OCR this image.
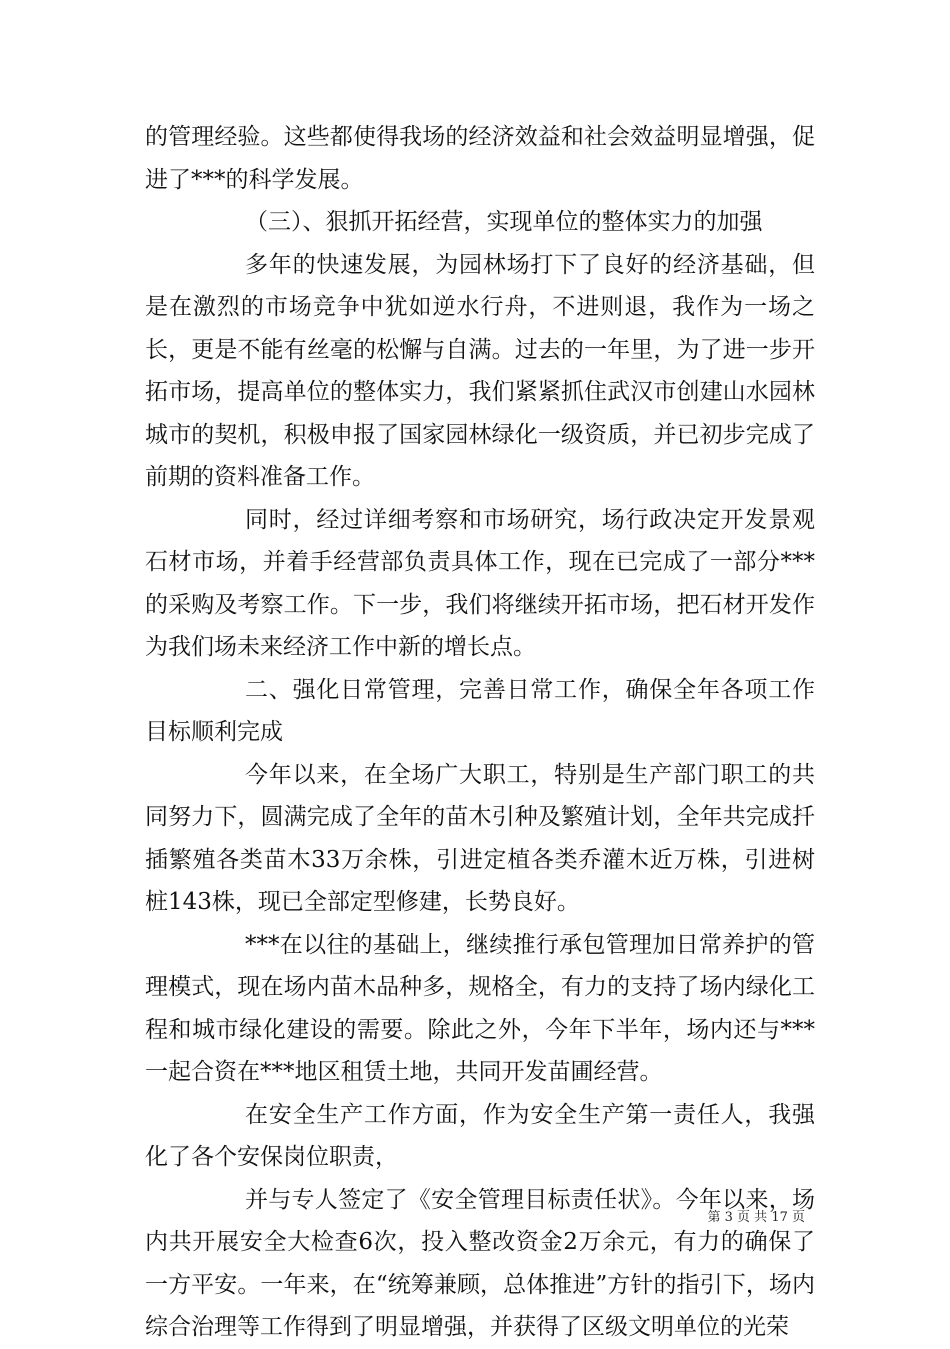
的管理经验。这些都使得我场的经济效益和社会效益明显增强，促进了***的科学发展。

（三）、狠抓开拓经营，实现单位的整体实力的加强

多年的快速发展，为园林场打下了良好的经济基础，但是在激烈的市场竞争中犹如逆水行舟，不进则退，我作为一场之长，更是不能有丝毫的松懈与自满。过去的一年里，为了进一步开拓市场，提高单位的整体实力，我们紧紧抓住武汉市创建山水园林城市的契机，积极申报了国家园林绿化一级资质，并已初步完成了前期的资料准备工作。

同时，经过详细考察和市场研究，场行政决定开发景观石材市场，并着手经营部负责具体工作，现在已完成了一部分***的采购及考察工作。下一步，我们将继续开拓市场，把石材开发作为我们场未来经济工作中新的增长点。

二、强化日常管理，完善日常工作，确保全年各项工作目标顺利完成

今年以来，在全场广大职工，特别是生产部门职工的共同努力下，圆满完成了全年的苗木引种及繁殖计划，全年共完成扦插繁殖各类苗木33万余株，引进定植各类乔灌木近万株，引进树桩143株，现已全部定型修建，长势良好。

***在以往的基础上，继续推行承包管理加日常养护的管理模式，现在场内苗木品种多，规格全，有力的支持了场内绿化工程和城市绿化建设的需要。除此之外，今年下半年，场内还与***一起合资在***地区租赁土地，共同开发苗圃经营。

在安全生产工作方面，作为安全生产第一责任人，我强化了各个安保岗位职责，

并与专人签定了《安全管理目标责任状》。今年以来，场内共开展安全大检查6次，投入整改资金2万余元，有力的确保了一方平安。一年来，在“统筹兼顾，总体推进”方针的指引下，场内综合治理等工作得到了明显增强，并获得了区级文明单位的光荣

第 3 页 共 17 页
